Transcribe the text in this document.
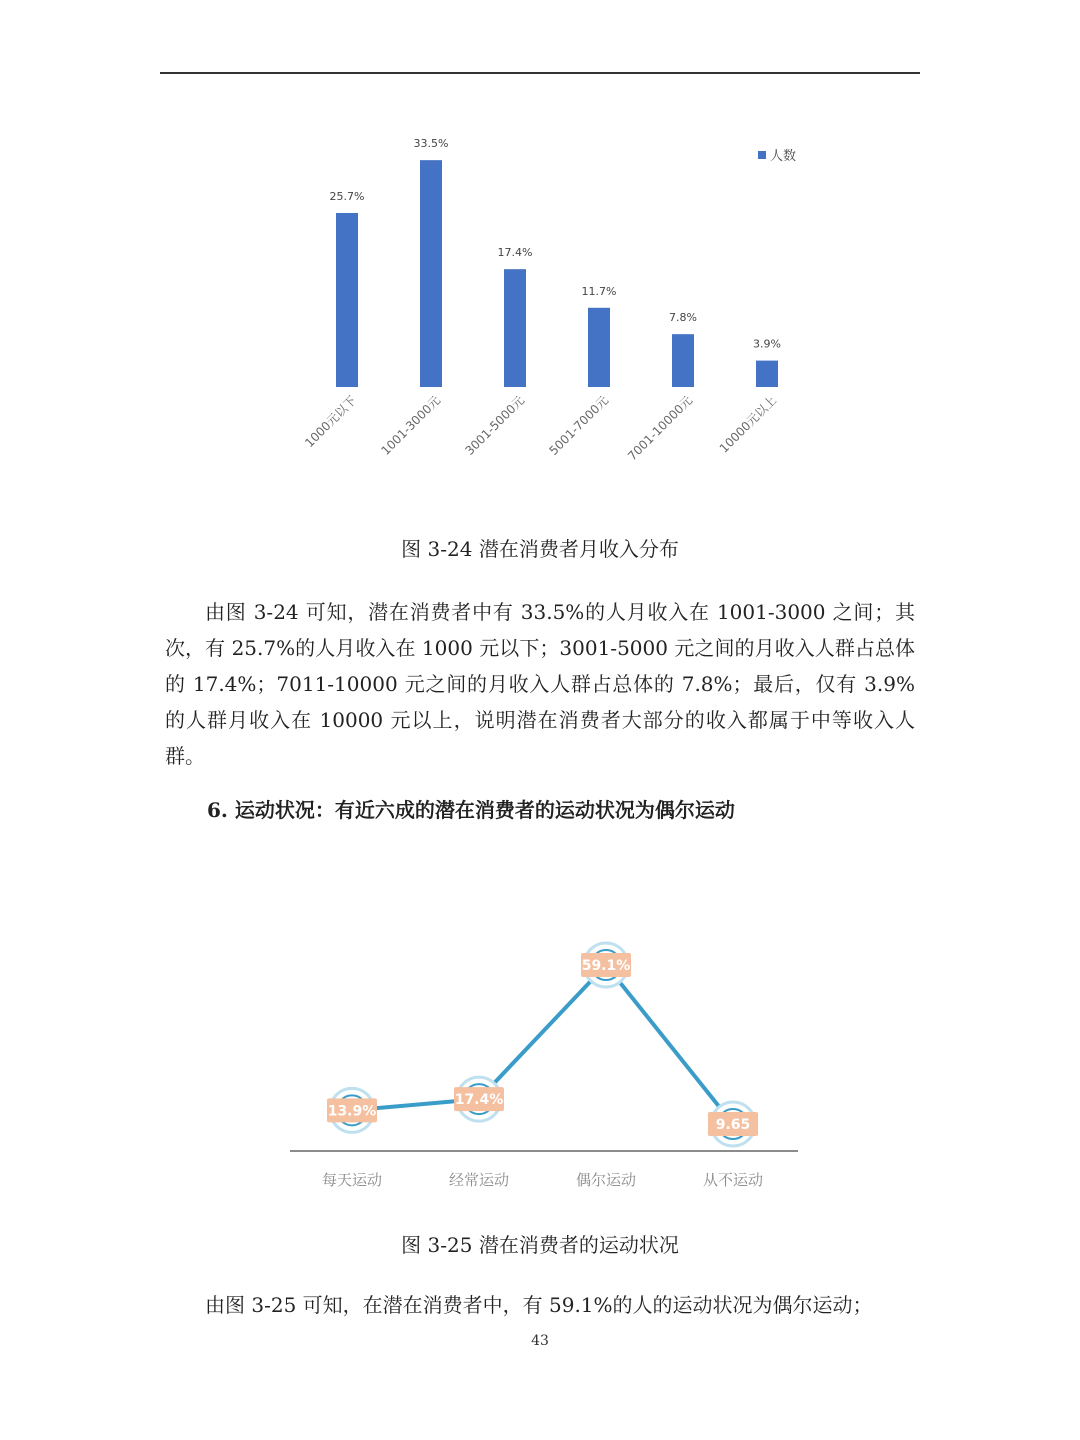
25.7%
1000元以下
33.5%
1001-3000元
17.4%
3001-5000元
11.7%
5001-7000元
7.8%
7001-10000元
3.9%
10000元以上
人数
图 3-24 潜在消费者月收入分布

由图 3-24 可知，潜在消费者中有 33.5%的人月收入在 1001-3000 之间；其次，有 25.7%的人月收入在 1000 元以下；3001-5000 元之间的月收入人群占总体的 17.4%；7011-10000 元之间的月收入人群占总体的 7.8%；最后，仅有 3.9%的人群月收入在 10000 元以上，说明潜在消费者大部分的收入都属于中等收入人群。

6. 运动状况：有近六成的潜在消费者的运动状况为偶尔运动
13.9%
每天运动
17.4%
经常运动
59.1%
偶尔运动
9.65
从不运动
图 3-25 潜在消费者的运动状况

由图 3-25 可知，在潜在消费者中，有 59.1%的人的运动状况为偶尔运动；

43
